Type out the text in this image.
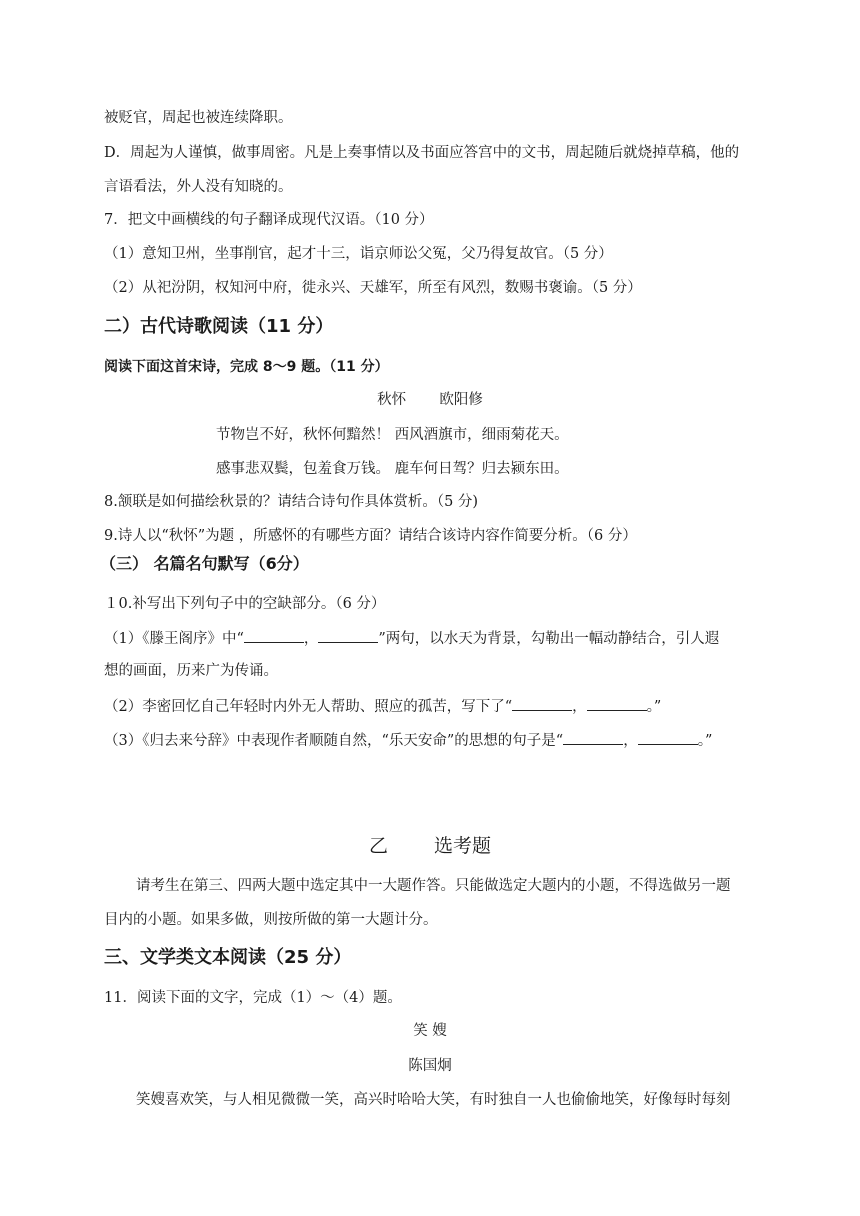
被贬官，周起也被连续降职。
D．周起为人谨慎，做事周密。凡是上奏事情以及书面应答宫中的文书，周起随后就烧掉草稿，他的
言语看法，外人没有知晓的。
7．把文中画横线的句子翻译成现代汉语。（10 分）
（1）意知卫州，坐事削官，起才十三，诣京师讼父冤，父乃得复故官。（5 分）
（2）从祀汾阴，权知河中府，徙永兴、天雄军，所至有风烈，数赐书褒谕。（5 分）
二）古代诗歌阅读（11 分）
阅读下面这首宋诗，完成 8～9 题。（11 分）
秋怀 欧阳修
节物岂不好，秋怀何黯然！ 西风酒旗市，细雨菊花天。
感事悲双鬓，包羞食万钱。 鹿车何日驾？归去颍东田。
8.颔联是如何描绘秋景的？请结合诗句作具体赏析。（5 分)
9.诗人以“秋怀”为题 ，所感怀的有哪些方面？请结合该诗内容作简要分析。（6 分）
（三） 名篇名句默写（6分）
１0.补写出下列句子中的空缺部分。（6 分）
（1）《滕王阁序》中“	，	”两句，以水天为背景，勾勒出一幅动静结合，引人遐
想的画面，历来广为传诵。
（2）李密回忆自己年轻时内外无人帮助、照应的孤苦，写下了“	，	。”
（3）《归去来兮辞》中表现作者顺随自然，“乐天安命”的思想的句子是“	，	。”
乙 选考题
请考生在第三、四两大题中选定其中一大题作答。只能做选定大题内的小题，不得选做另一题
目内的小题。如果多做，则按所做的第一大题计分。
三、文学类文本阅读（25 分）
11．阅读下面的文字，完成（1）～（4）题。
笑 嫂
陈国炯
笑嫂喜欢笑，与人相见微微一笑，高兴时哈哈大笑，有时独自一人也偷偷地笑，好像每时每刻
